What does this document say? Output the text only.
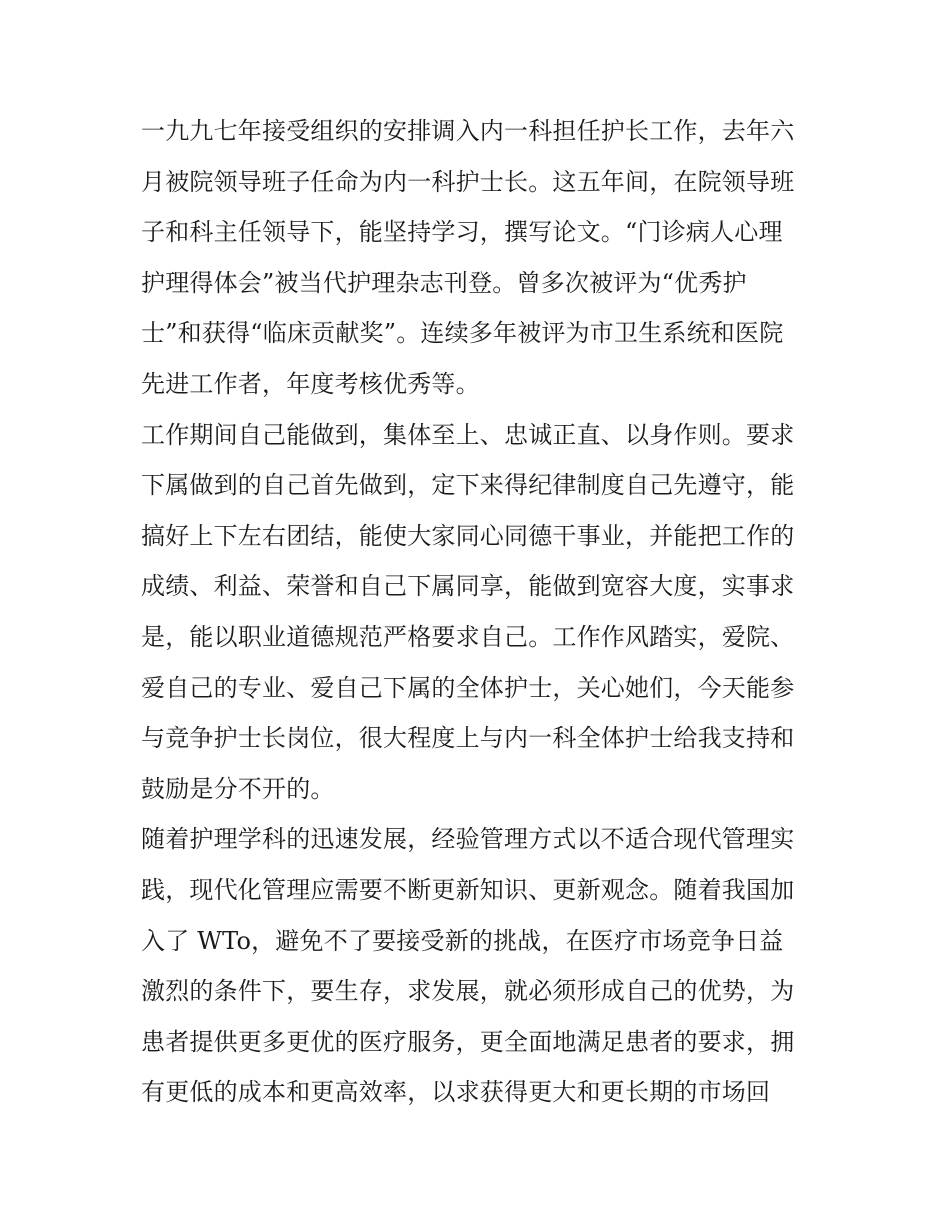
一九九七年接受组织的安排调入内一科担任护长工作，去年六
月被院领导班子任命为内一科护士长。这五年间，在院领导班
子和科主任领导下，能坚持学习，撰写论文。“门诊病人心理
护理得体会”被当代护理杂志刊登。曾多次被评为“优秀护
士”和获得“临床贡献奖”。连续多年被评为市卫生系统和医院
先进工作者，年度考核优秀等。
工作期间自己能做到，集体至上、忠诚正直、以身作则。要求
下属做到的自己首先做到，定下来得纪律制度自己先遵守，能
搞好上下左右团结，能使大家同心同德干事业，并能把工作的
成绩、利益、荣誉和自己下属同享，能做到宽容大度，实事求
是，能以职业道德规范严格要求自己。工作作风踏实，爱院、
爱自己的专业、爱自己下属的全体护士，关心她们，今天能参
与竞争护士长岗位，很大程度上与内一科全体护士给我支持和
鼓励是分不开的。
随着护理学科的迅速发展，经验管理方式以不适合现代管理实
践，现代化管理应需要不断更新知识、更新观念。随着我国加
入了 WTo，避免不了要接受新的挑战，在医疗市场竞争日益
激烈的条件下，要生存，求发展，就必须形成自己的优势，为
患者提供更多更优的医疗服务，更全面地满足患者的要求，拥
有更低的成本和更高效率，以求获得更大和更长期的市场回
